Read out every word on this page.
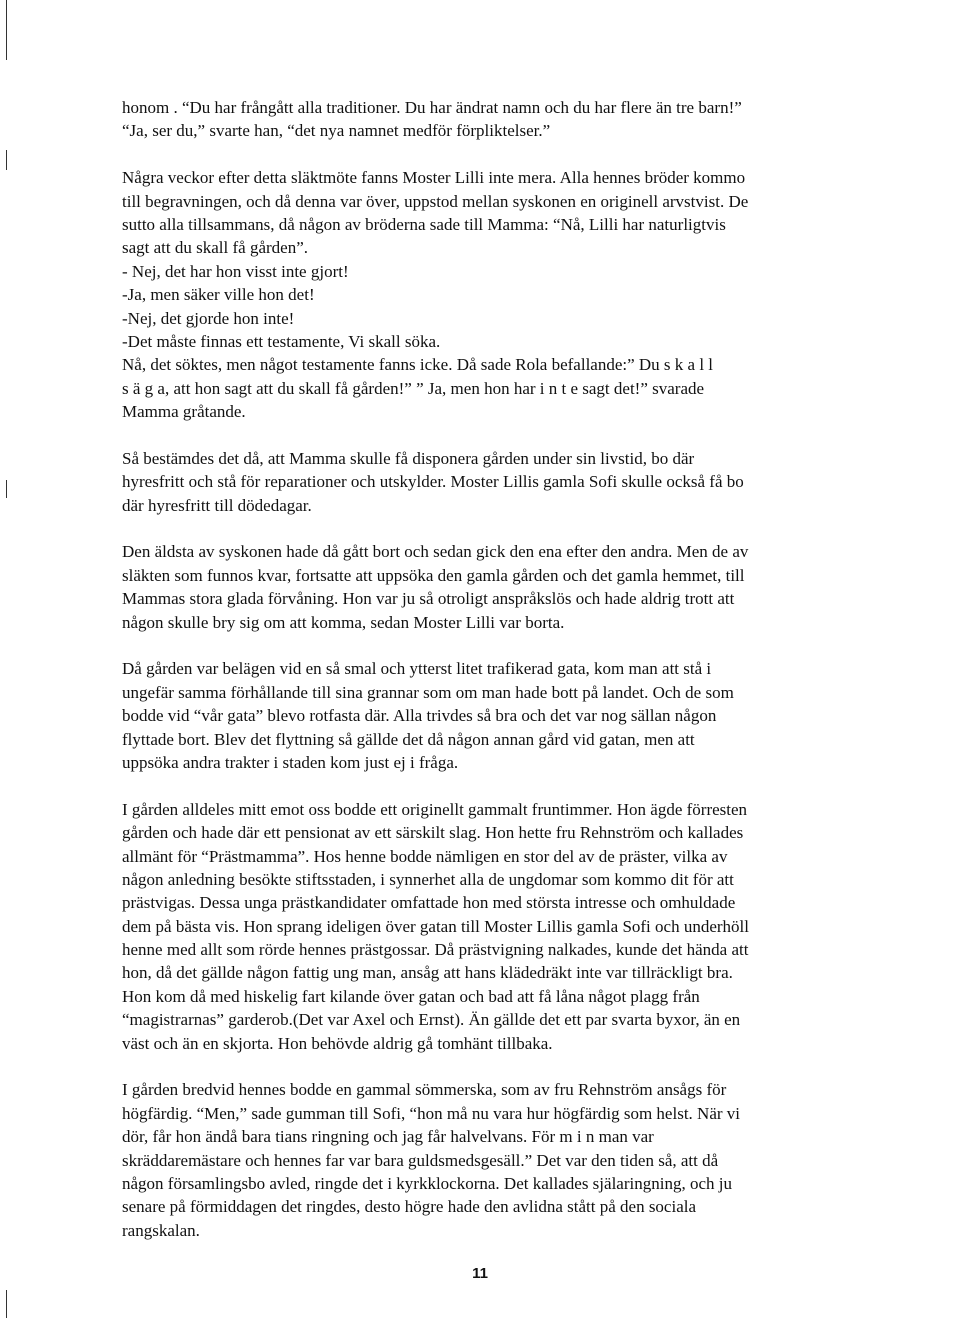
honom . “Du har frångått alla traditioner. Du har ändrat namn och du har flere än tre barn!”

“Ja, ser du,” svarte han, “det nya namnet medför förpliktelser.”

Några veckor efter detta släktmöte fanns Moster Lilli inte mera. Alla hennes bröder kommo

till begravningen, och då denna var över, uppstod mellan syskonen en originell arvstvist. De

sutto alla tillsammans, då någon av bröderna sade till Mamma: “Nå, Lilli har naturligtvis

sagt att du skall få gården”.

- Nej, det har hon visst inte gjort!

-Ja, men säker ville hon det!

-Nej, det gjorde hon inte!

-Det måste finnas ett testamente, Vi skall söka.

Nå, det söktes, men något testamente fanns icke. Då sade Rola befallande:” Du s k a l l

s ä g a, att hon sagt att du skall få gården!” ” Ja, men hon har i n t e sagt det!” svarade

Mamma gråtande.

Så bestämdes det då, att Mamma skulle få disponera gården under sin livstid, bo där

hyresfritt och stå för reparationer och utskylder. Moster Lillis gamla Sofi skulle också få bo

där hyresfritt till dödedagar.

Den äldsta av syskonen hade då gått bort och sedan gick den ena efter den andra. Men de av

släkten som funnos kvar, fortsatte att uppsöka den gamla gården och det gamla hemmet, till

Mammas stora glada förvåning. Hon var ju så otroligt anspråkslös och hade aldrig trott att

någon skulle bry sig om att komma, sedan Moster Lilli var borta.

Då gården var belägen vid en så smal och ytterst litet trafikerad gata, kom man att stå i

ungefär samma förhållande till sina grannar som om man hade bott på landet. Och de som

bodde vid “vår gata” blevo rotfasta där. Alla trivdes så bra och det var nog sällan någon

flyttade bort. Blev det flyttning så gällde det då någon annan gård vid gatan, men att

uppsöka andra trakter i staden kom just ej i fråga.

I gården alldeles mitt emot oss bodde ett originellt gammalt fruntimmer. Hon ägde förresten

gården och hade där ett pensionat av ett särskilt slag. Hon hette fru Rehnström och kallades

allmänt för “Prästmamma”. Hos henne bodde nämligen en stor del av de präster, vilka av

någon anledning besökte stiftsstaden, i synnerhet alla de ungdomar som kommo dit för att

prästvigas. Dessa unga prästkandidater omfattade hon med största intresse och omhuldade

dem på bästa vis. Hon sprang ideligen över gatan till Moster Lillis gamla Sofi och underhöll

henne med allt som rörde hennes prästgossar. Då prästvigning nalkades, kunde det hända att

hon, då det gällde någon fattig ung man, ansåg att hans klädedräkt inte var tillräckligt bra.

Hon kom då med hiskelig fart kilande över gatan och bad att få låna något plagg från

“magistrarnas” garderob.(Det var Axel och Ernst). Än gällde det ett par svarta byxor, än en

väst och än en skjorta. Hon behövde aldrig gå tomhänt tillbaka.

I gården bredvid hennes bodde en gammal sömmerska, som av fru Rehnström ansågs för

högfärdig. “Men,” sade gumman till Sofi, “hon må nu vara hur högfärdig som helst. När vi

dör, får hon ändå bara tians ringning och jag får halvelvans. För m i n man var

skräddaremästare och hennes far var bara guldsmedsgesäll.” Det var den tiden så, att då

någon församlingsbo avled, ringde det i kyrkklockorna. Det kallades själaringning, och ju

senare på förmiddagen det ringdes, desto högre hade den avlidna stått på den sociala

rangskalan.

11
